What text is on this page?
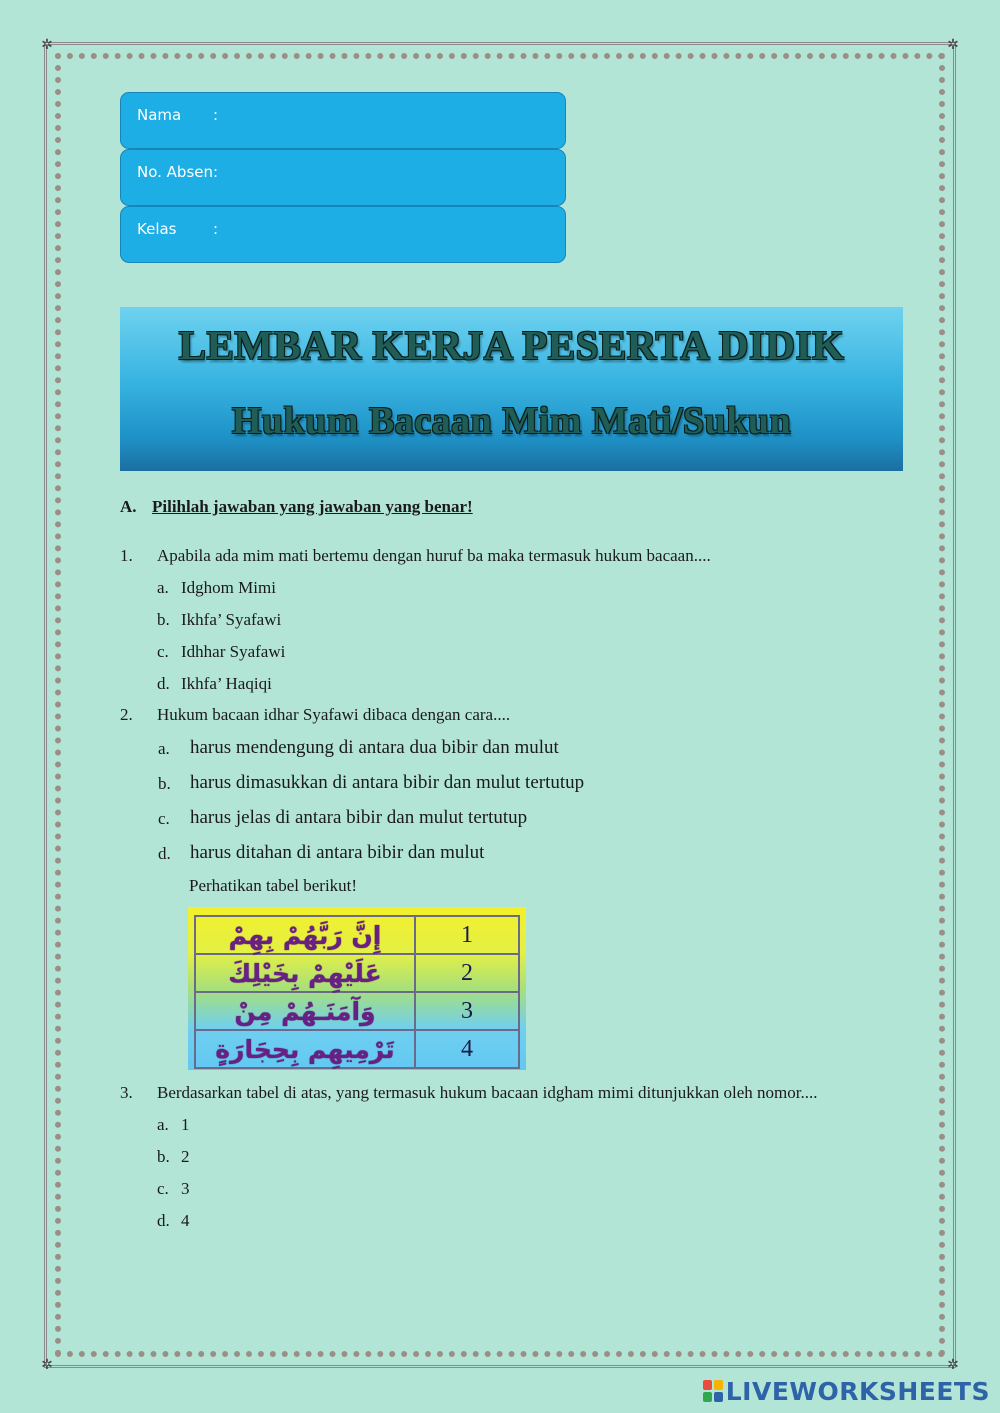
✲	✲
✲	✲
Nama :
No. Absen:
Kelas :
LEMBAR KERJA PESERTA DIDIK
Hukum Bacaan Mim Mati/Sukun
A. Pilihlah jawaban yang jawaban yang benar!
1. Apabila ada mim mati bertemu dengan huruf ba maka termasuk hukum bacaan....
a. Idghom Mimi
b. Ikhfa’ Syafawi
c. Idhhar Syafawi
d. Ikhfa’ Haqiqi
2. Hukum bacaan idhar Syafawi dibaca dengan cara....
a. harus mendengung di antara dua bibir dan mulut
b. harus dimasukkan di antara bibir dan mulut tertutup
c. harus jelas di antara bibir dan mulut tertutup
d. harus ditahan di antara bibir dan mulut
Perhatikan tabel berikut!
إِنَّ رَبَّهُمْ بِهِمْ	1
عَلَيْهِمْ بِخَيْلِكَ	2
وَآمَنَـهُمْ مِنْ	3
تَرْمِيهِم بِحِجَارَةٍ	4
3. Berdasarkan tabel di atas, yang termasuk hukum bacaan idgham mimi ditunjukkan oleh nomor....
a. 1
b. 2
c. 3
d. 4
LIVEWORKSHEETS
